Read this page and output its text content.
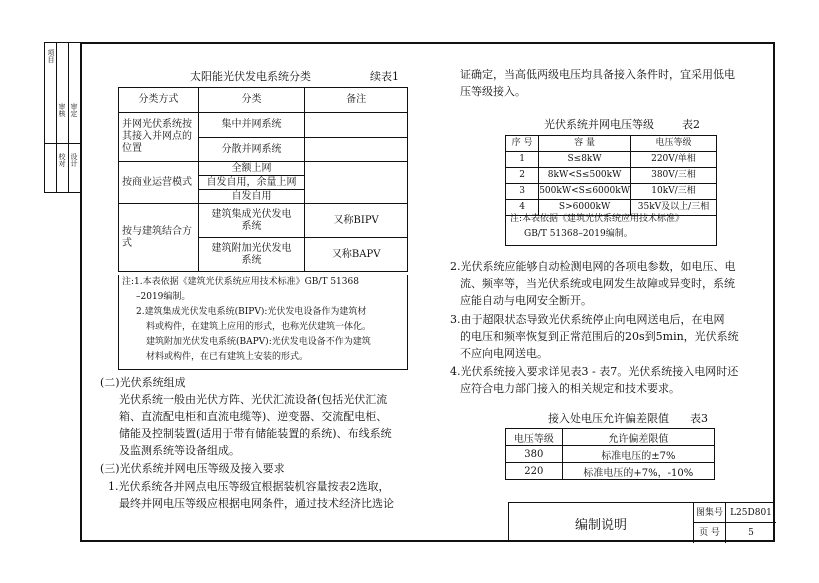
项目
审核 审定
校对 设计
太阳能光伏发电系统分类	续表1
分类方式	分类	备注
并网光伏系统按其接入并网点的位置	集中并网系统	
	分散并网系统	
按商业运营模式	全额上网	
	自发自用，余量上网	
	自发自用	
按与建筑结合方式	建筑集成光伏发电系统	又称BIPV
	建筑附加光伏发电系统	又称BAPV
注:1.本表依据《建筑光伏系统应用技术标准》GB/T 51368
–2019编制。
2.建筑集成光伏发电系统(BIPV):光伏发电设备作为建筑材
料或构件，在建筑上应用的形式，也称光伏建筑一体化。
建筑附加光伏发电系统(BAPV):光伏发电设备不作为建筑
材料或构件，在已有建筑上安装的形式。
(二)光伏系统组成
光伏系统一般由光伏方阵、光伏汇流设备(包括光伏汇流
箱、直流配电柜和直流电缆等)、逆变器、交流配电柜、
储能及控制装置(适用于带有储能装置的系统)、布线系统
及监测系统等设备组成。
(三)光伏系统并网电压等级及接入要求
1.光伏系统各并网点电压等级宜根据装机容量按表2选取，
最终并网电压等级应根据电网条件，通过技术经济比选论
证确定，当高低两级电压均具备接入条件时，宜采用低电
压等级接入。
光伏系统并网电压等级	表2
序 号	容 量	电压等级
1	S≤8kW	220V/单相
2	8kW<S≤500kW	380V/三相
3	500kW<S≤6000kW	10kV/三相
4	S>6000kW	35kV及以上/三相
注:本表依据《建筑光伏系统应用技术标准》
GB/T 51368–2019编制。
2.光伏系统应能够自动检测电网的各项电参数，如电压、电
流、频率等，当光伏系统或电网发生故障或异变时，系统
应能自动与电网安全断开。
3.由于超限状态导致光伏系统停止向电网送电后，在电网
的电压和频率恢复到正常范围后的20s到5min，光伏系统
不应向电网送电。
4.光伏系统接入要求详见表3 - 表7。光伏系统接入电网时还
应符合电力部门接入的相关规定和技术要求。
接入处电压允许偏差限值 表3
电压等级	允许偏差限值
380	标准电压的±7%
220	标准电压的+7%，-10%
编制说明
图集号 L25D801
页 号	5
